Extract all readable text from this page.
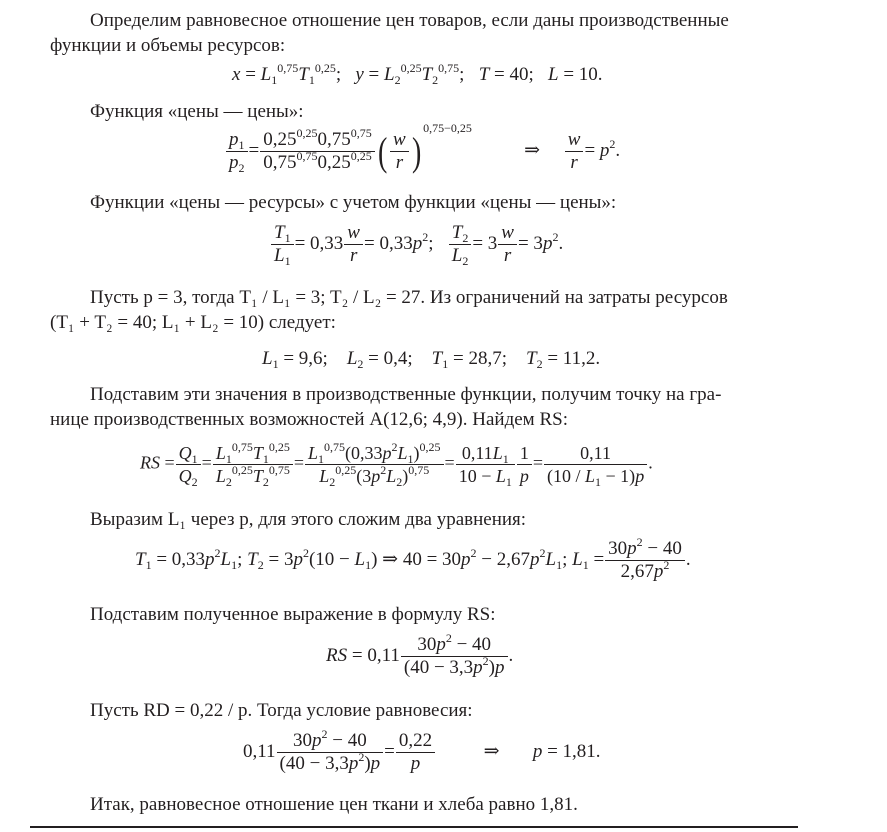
Определим равновесное отношение цен товаров, если даны производственные
функции и объемы ресурсов:
$x = L_1^{0,75}T_1^{0,25}$;   $y = L_2^{0,25}T_2^{0,75}$;   T = 40;   L = 10.
Функция «цены — цены»:
$\frac{p_1}{p_2} = \frac{0,25^{0,25}0,75^{0,75}}{0,75^{0,75}0,25^{0,25}}$ ( $\frac{w}{r} )^{0,75-0,25}$           ⇒ $\frac{w}{r} = p^2$.
Функции «цены — ресурсы» с учетом функции «цены — цены»:
$\frac{T_1}{L_1} = 0,33 \frac{w}{r} = 0,33p^2$; $\frac{T_2}{L_2} = 3 \frac{w}{r} = 3p^2$.
Пусть p = 3, тогда T₁ / L₁ = 3; T₂ / L₂ = 27. Из ограничений на затраты ресурсов
(T₁ + T₂ = 40; L₁ + L₂ = 10) следует:
$L_1 = 9,6$;    $L_2 = 0,4$;    $T_1 = 28,7$;    $T_2 = 11,2$.
Подставим эти значения в производственные функции, получим точку на гра-
нице производственных возможностей A(12,6; 4,9). Найдем RS:
RS = $\frac{Q_1}{Q_2} = \frac{L_1^{0,75}T_1^{0,25}}{L_2^{0,25}T_2^{0,75}} = \frac{L_1^{0,75}(0,33p^2L_1)^{0,25}}{L_2^{0,25}(3p^2L_2)^{0,75}} = \frac{0,11L_1}{10 - L_1} \frac{1}{p} = \frac{0,11}{(10 / L_1 - 1)p}$ .
Выразим L₁ через p, для этого сложим два уравнения:
$T_1 = 0,33p^2L_1$; $T_2 = 3p^2(10 - L_1)$ ⇒ $40 = 30p^2 - 2,67p^2L_1$; $L_1 = \frac{30p^2 - 40}{2,67p^2}$ .
Подставим полученное выражение в формулу RS:
RS = $0,11 \frac{30p^2 - 40}{(40 - 3,3p^2)p}$ .
Пусть RD = 0,22 / p. Тогда условие равновесия:
$0,11 \frac{30p^2 - 40}{(40 - 3,3p^2)p} = \frac{0,22}{p}$ ⇒       p = 1,81.
Итак, равновесное отношение цен ткани и хлеба равно 1,81.
